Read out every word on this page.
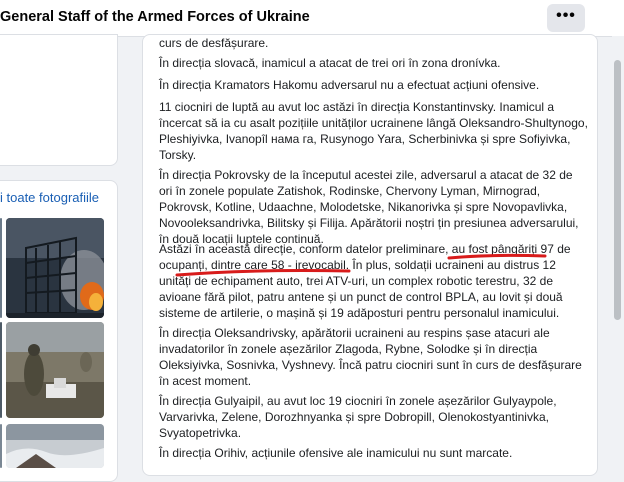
General Staff of the Armed Forces of Ukraine	•••
i toate fotografiile

curs de desfășurare.

În direcția slovacă, inamicul a atacat de trei ori în zona dronívka.

În direcția Kramators Hakomu adversarul nu a efectuat acțiuni ofensive.

11 ciocniri de luptă au avut loc astăzi în direcția Konstantinvsky. Inamicul a încercat să ia cu asalt pozițiile unităților ucrainene lângă Oleksandro-Shultynogo, Pleshiyivka, Ivanopîl нама га, Rusynogo Yara, Scherbinivka și spre Sofiyivka, Torsky.

În direcția Pokrovsky de la începutul acestei zile, adversarul a atacat de 32 de ori în zonele populate Zatishok, Rodinske, Chervony Lyman, Mirnograd, Pokrovsk, Kotline, Udaachne, Molodetske, Nikanorivka și spre Novopavlivka, Novooleksandrivka, Bilitsky și Filija. Apărătorii noștri țin presiunea adversarului, în două locații luptele continuă.

Astăzi în această direcție, conform datelor preliminare, au fost pângăriți 97 de ocupanți, dintre care 58 - irevocabil. În plus, soldații ucraineni au distrus 12 unități de echipament auto, trei ATV-uri, un complex robotic terestru, 32 de avioane fără pilot, patru antene și un punct de control BPLA, au lovit și două sisteme de artilerie, o mașină și 19 adăposturi pentru personalul inamicului.

În direcția Oleksandrivsky, apărătorii ucraineni au respins șase atacuri ale invadatorilor în zonele așezărilor Zlagoda, Rybne, Solodke și în direcția Oleksiyivka, Sosnivka, Vyshnevy. Încă patru ciocniri sunt în curs de desfășurare în acest moment.

În direcția Gulyaipil, au avut loc 19 ciocniri în zonele așezărilor Gulyaypole, Varvarivka, Zelene, Dorozhnyanka și spre Dobropill, Olenokostyantinivka, Svyatopetrivka.

În direcția Orihiv, acțiunile ofensive ale inamicului nu sunt marcate.
